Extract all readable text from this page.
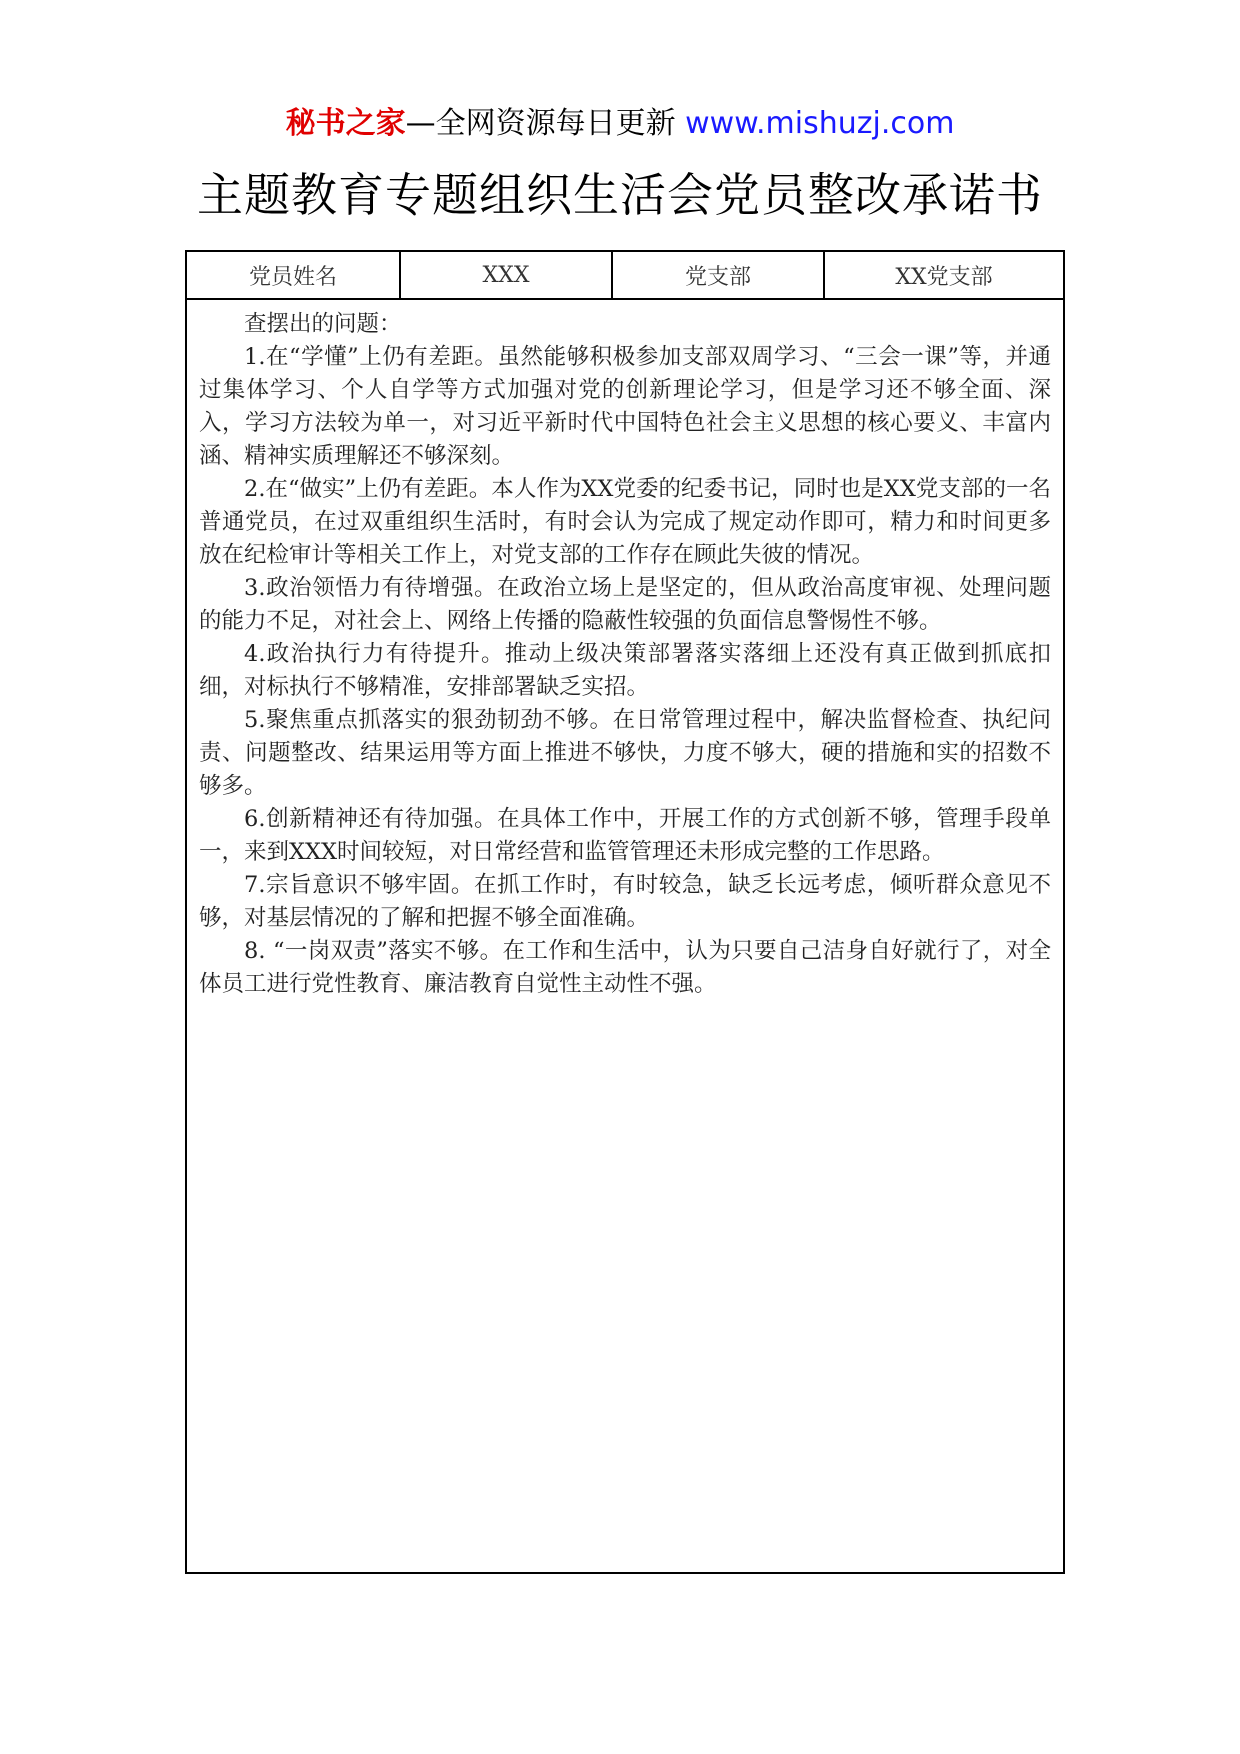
秘书之家—全网资源每日更新 www.mishuzj.com
主题教育专题组织生活会党员整改承诺书
党员姓名	XXX	党支部	XX党支部
查摆出的问题：

1.在“学懂”上仍有差距。虽然能够积极参加支部双周学习、“三会一课”等，并通过集体学习、个人自学等方式加强对党的创新理论学习，但是学习还不够全面、深入，学习方法较为单一，对习近平新时代中国特色社会主义思想的核心要义、丰富内涵、精神实质理解还不够深刻。

2.在“做实”上仍有差距。本人作为XX党委的纪委书记，同时也是XX党支部的一名普通党员，在过双重组织生活时，有时会认为完成了规定动作即可，精力和时间更多放在纪检审计等相关工作上，对党支部的工作存在顾此失彼的情况。

3.政治领悟力有待增强。在政治立场上是坚定的，但从政治高度审视、处理问题的能力不足，对社会上、网络上传播的隐蔽性较强的负面信息警惕性不够。

4.政治执行力有待提升。推动上级决策部署落实落细上还没有真正做到抓底扣细，对标执行不够精准，安排部署缺乏实招。

5.聚焦重点抓落实的狠劲韧劲不够。在日常管理过程中，解决监督检查、执纪问责、问题整改、结果运用等方面上推进不够快，力度不够大，硬的措施和实的招数不够多。

6.创新精神还有待加强。在具体工作中，开展工作的方式创新不够，管理手段单一，来到XXX时间较短，对日常经营和监管管理还未形成完整的工作思路。

7.宗旨意识不够牢固。在抓工作时，有时较急，缺乏长远考虑，倾听群众意见不够，对基层情况的了解和把握不够全面准确。

8. “一岗双责”落实不够。在工作和生活中，认为只要自己洁身自好就行了，对全体员工进行党性教育、廉洁教育自觉性主动性不强。
